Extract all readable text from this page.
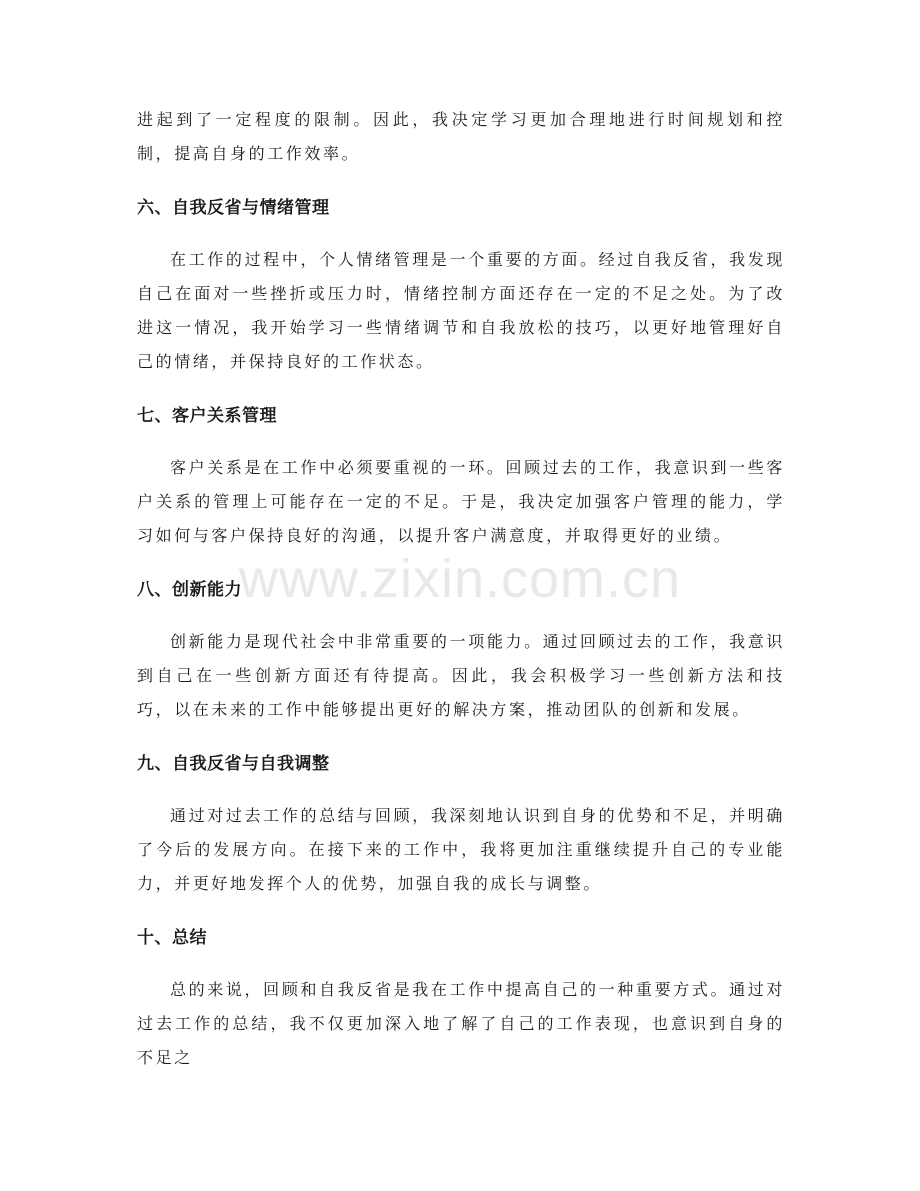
进起到了一定程度的限制。因此，我决定学习更加合理地进行时间规划和控制，提高自身的工作效率。

六、自我反省与情绪管理

在工作的过程中，个人情绪管理是一个重要的方面。经过自我反省，我发现自己在面对一些挫折或压力时，情绪控制方面还存在一定的不足之处。为了改进这一情况，我开始学习一些情绪调节和自我放松的技巧，以更好地管理好自己的情绪，并保持良好的工作状态。

七、客户关系管理

客户关系是在工作中必须要重视的一环。回顾过去的工作，我意识到一些客户关系的管理上可能存在一定的不足。于是，我决定加强客户管理的能力，学习如何与客户保持良好的沟通，以提升客户满意度，并取得更好的业绩。

八、创新能力

创新能力是现代社会中非常重要的一项能力。通过回顾过去的工作，我意识到自己在一些创新方面还有待提高。因此，我会积极学习一些创新方法和技巧，以在未来的工作中能够提出更好的解决方案，推动团队的创新和发展。

九、自我反省与自我调整

通过对过去工作的总结与回顾，我深刻地认识到自身的优势和不足，并明确了今后的发展方向。在接下来的工作中，我将更加注重继续提升自己的专业能力，并更好地发挥个人的优势，加强自我的成长与调整。

十、总结

总的来说，回顾和自我反省是我在工作中提高自己的一种重要方式。通过对过去工作的总结，我不仅更加深入地了解了自己的工作表现，也意识到自身的不足之

www.zixin.com.cn
